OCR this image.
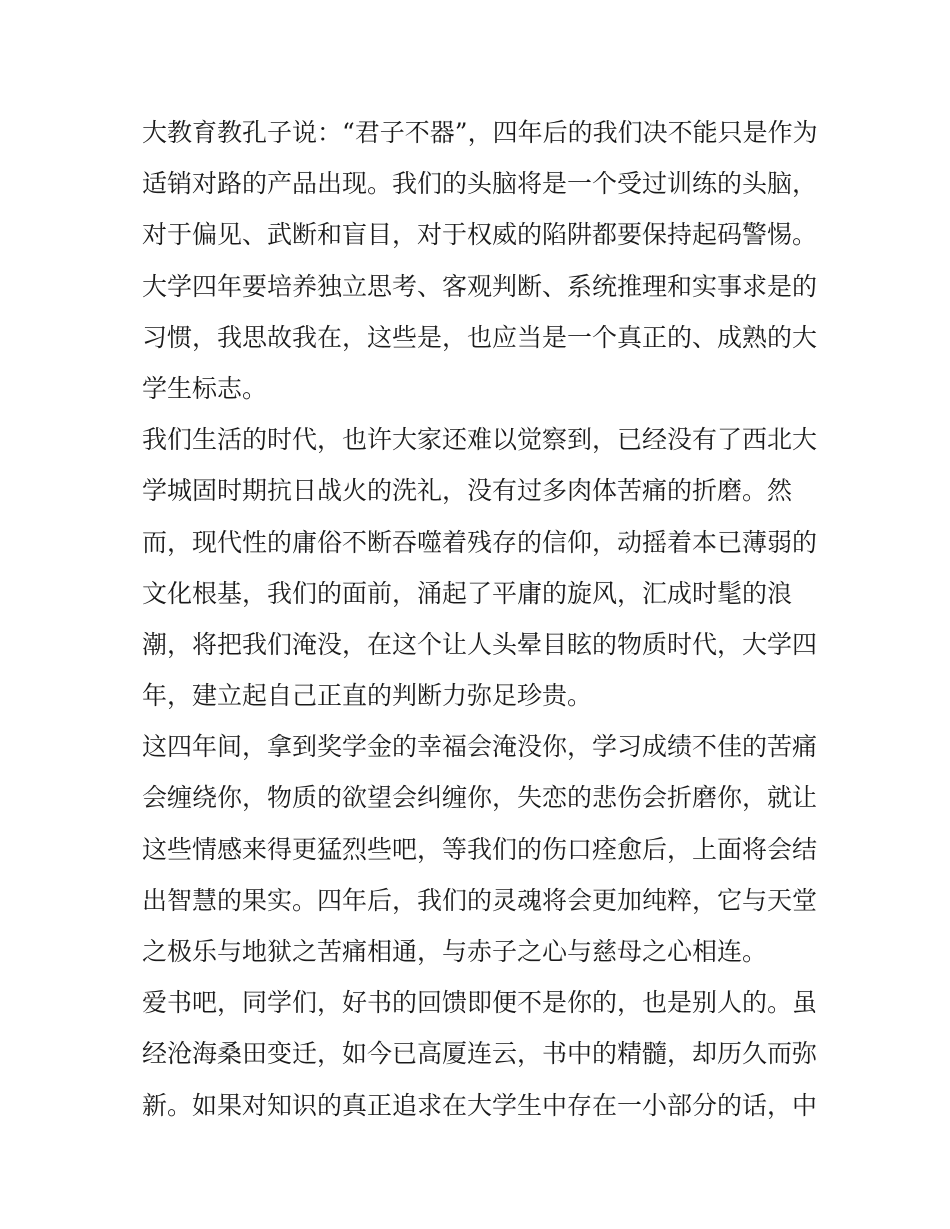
大教育教孔子说：“君子不器”，四年后的我们决不能只是作为
适销对路的产品出现。我们的头脑将是一个受过训练的头脑，
对于偏见、武断和盲目，对于权威的陷阱都要保持起码警惕。
大学四年要培养独立思考、客观判断、系统推理和实事求是的
习惯，我思故我在，这些是，也应当是一个真正的、成熟的大
学生标志。
我们生活的时代，也许大家还难以觉察到，已经没有了西北大
学城固时期抗日战火的洗礼，没有过多肉体苦痛的折磨。然
而，现代性的庸俗不断吞噬着残存的信仰，动摇着本已薄弱的
文化根基，我们的面前，涌起了平庸的旋风，汇成时髦的浪
潮，将把我们淹没，在这个让人头晕目眩的物质时代，大学四
年，建立起自己正直的判断力弥足珍贵。
这四年间，拿到奖学金的幸福会淹没你，学习成绩不佳的苦痛
会缠绕你，物质的欲望会纠缠你，失恋的悲伤会折磨你，就让
这些情感来得更猛烈些吧，等我们的伤口痊愈后，上面将会结
出智慧的果实。四年后，我们的灵魂将会更加纯粹，它与天堂
之极乐与地狱之苦痛相通，与赤子之心与慈母之心相连。
爱书吧，同学们，好书的回馈即便不是你的，也是别人的。虽
经沧海桑田变迁，如今已高厦连云，书中的精髓，却历久而弥
新。如果对知识的真正追求在大学生中存在一小部分的话，中
